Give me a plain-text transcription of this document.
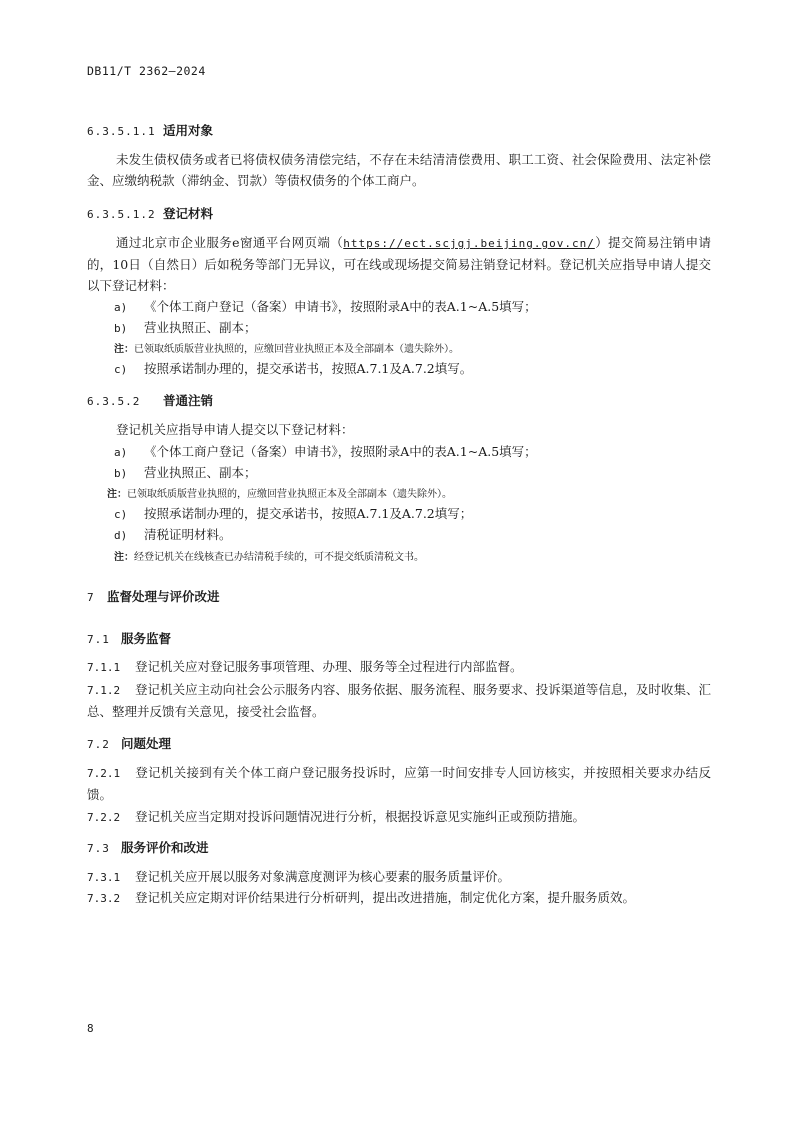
DB11/T 2362—2024
6.3.5.1.1 适用对象
未发生债权债务或者已将债权债务清偿完结，不存在未结清清偿费用、职工工资、社会保险费用、法定补偿金、应缴纳税款（滞纳金、罚款）等债权债务的个体工商户。
6.3.5.1.2 登记材料
通过北京市企业服务e窗通平台网页端（https://ect.scjgj.beijing.gov.cn/）提交简易注销申请的，10日（自然日）后如税务等部门无异议，可在线或现场提交简易注销登记材料。登记机关应指导申请人提交以下登记材料：
a) 《个体工商户登记（备案）申请书》，按照附录A中的表A.1~A.5填写；
b) 营业执照正、副本；
注：已领取纸质版营业执照的，应缴回营业执照正本及全部副本（遗失除外）。
c) 按照承诺制办理的，提交承诺书，按照A.7.1及A.7.2填写。
6.3.5.2 普通注销
登记机关应指导申请人提交以下登记材料：
a) 《个体工商户登记（备案）申请书》，按照附录A中的表A.1~A.5填写；
b) 营业执照正、副本；
注：已领取纸质版营业执照的，应缴回营业执照正本及全部副本（遗失除外）。
c) 按照承诺制办理的，提交承诺书，按照A.7.1及A.7.2填写；
d) 清税证明材料。
注：经登记机关在线核查已办结清税手续的，可不提交纸质清税文书。
7 监督处理与评价改进
7.1 服务监督
7.1.1 登记机关应对登记服务事项管理、办理、服务等全过程进行内部监督。
7.1.2 登记机关应主动向社会公示服务内容、服务依据、服务流程、服务要求、投诉渠道等信息，及时收集、汇总、整理并反馈有关意见，接受社会监督。
7.2 问题处理
7.2.1 登记机关接到有关个体工商户登记服务投诉时，应第一时间安排专人回访核实，并按照相关要求办结反馈。
7.2.2 登记机关应当定期对投诉问题情况进行分析，根据投诉意见实施纠正或预防措施。
7.3 服务评价和改进
7.3.1 登记机关应开展以服务对象满意度测评为核心要素的服务质量评价。
7.3.2 登记机关应定期对评价结果进行分析研判，提出改进措施，制定优化方案，提升服务质效。
8
